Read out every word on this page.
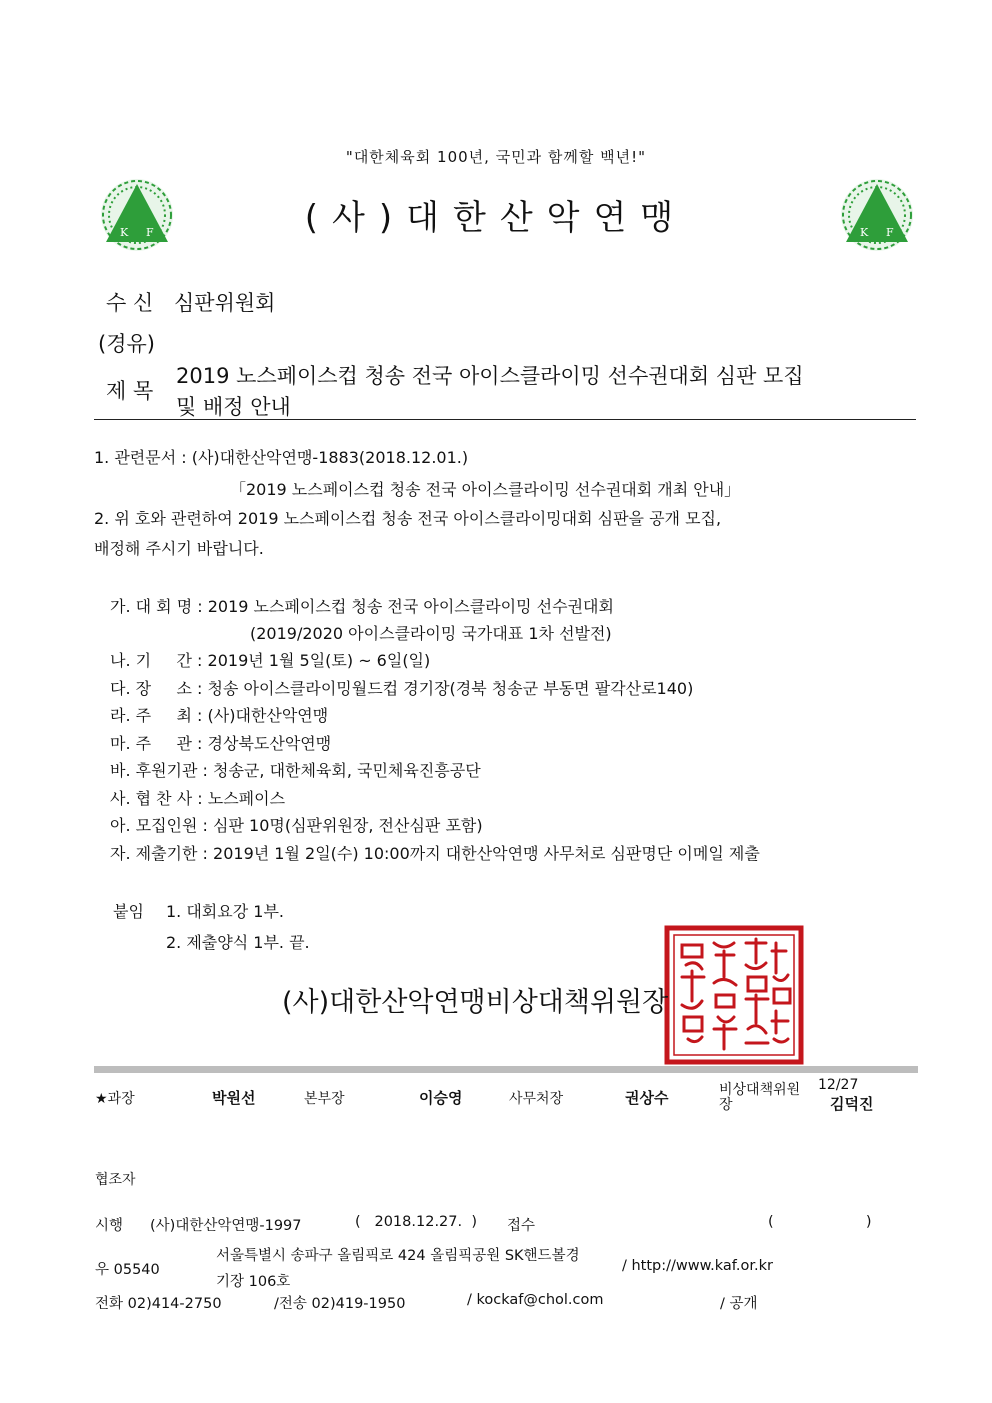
"대한체육회 100년, 국민과 함께할 백년!"
K F	(사)대한산악연맹	K F
수 신 심판위원회
(경유)
제 목
2019 노스페이스컵 청송 전국 아이스클라이밍 선수권대회 심판 모집
및 배정 안내
1. 관련문서 : (사)대한산악연맹-1883(2018.12.01.)
「2019 노스페이스컵 청송 전국 아이스클라이밍 선수권대회 개최 안내」
2. 위 호와 관련하여 2019 노스페이스컵 청송 전국 아이스클라이밍대회 심판을 공개 모집,
배정해 주시기 바랍니다.
가. 대 회 명 : 2019 노스페이스컵 청송 전국 아이스클라이밍 선수권대회
(2019/2020 아이스클라이밍 국가대표 1차 선발전)
나. 기     간 : 2019년 1월 5일(토) ~ 6일(일)
다. 장     소 : 청송 아이스클라이밍월드컵 경기장(경북 청송군 부동면 팔각산로140)
라. 주     최 : (사)대한산악연맹
마. 주     관 : 경상북도산악연맹
바. 후원기관 : 청송군, 대한체육회, 국민체육진흥공단
사. 협 찬 사 : 노스페이스
아. 모집인원 : 심판 10명(심판위원장, 전산심판 포함)
자. 제출기한 : 2019년 1월 2일(수) 10:00까지 대한산악연맹 사무처로 심판명단 이메일 제출
붙임 1. 대회요강 1부.
2. 제출양식 1부. 끝.
(사)대한산악연맹비상대책위원장
★과장	박원선	본부장	이승영	사무처장	권상수	비상대책위원 12/27
장	김덕진
협조자
시행 (사)대한산악연맹-1997	(   2018.12.27.  ) 접수	(                    )
우 05540
서울특별시 송파구 올림픽로 424 올림픽공원 SK핸드볼경
기장 106호
/ http://www.kaf.or.kr
전화 02)414-2750	/전송 02)419-1950	/ kockaf@chol.com	/ 공개
